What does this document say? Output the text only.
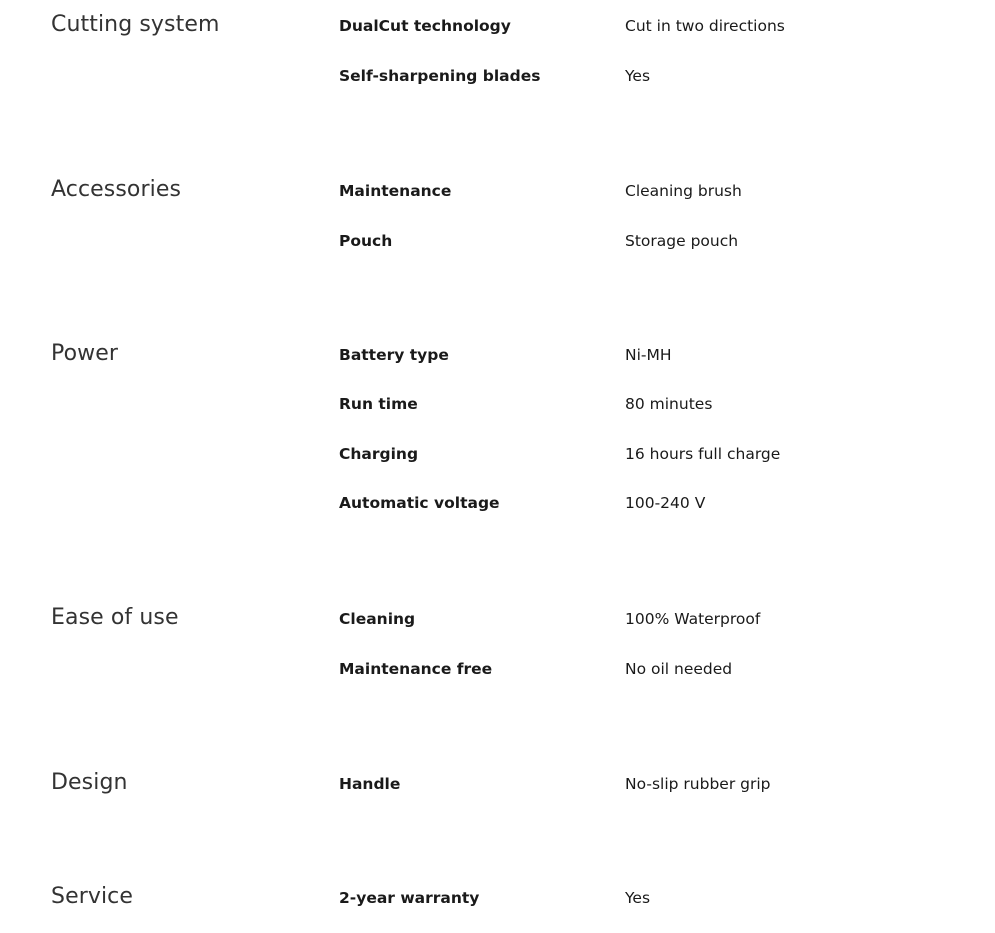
Cutting system	DualCut technology	Cut in two directions
Self-sharpening blades	Yes
Accessories	Maintenance	Cleaning brush
Pouch	Storage pouch
Power	Battery type	Ni-MH
Run time	80 minutes
Charging	16 hours full charge
Automatic voltage	100-240 V
Ease of use	Cleaning	100% Waterproof
Maintenance free	No oil needed
Design	Handle	No-slip rubber grip
Service	2-year warranty	Yes
